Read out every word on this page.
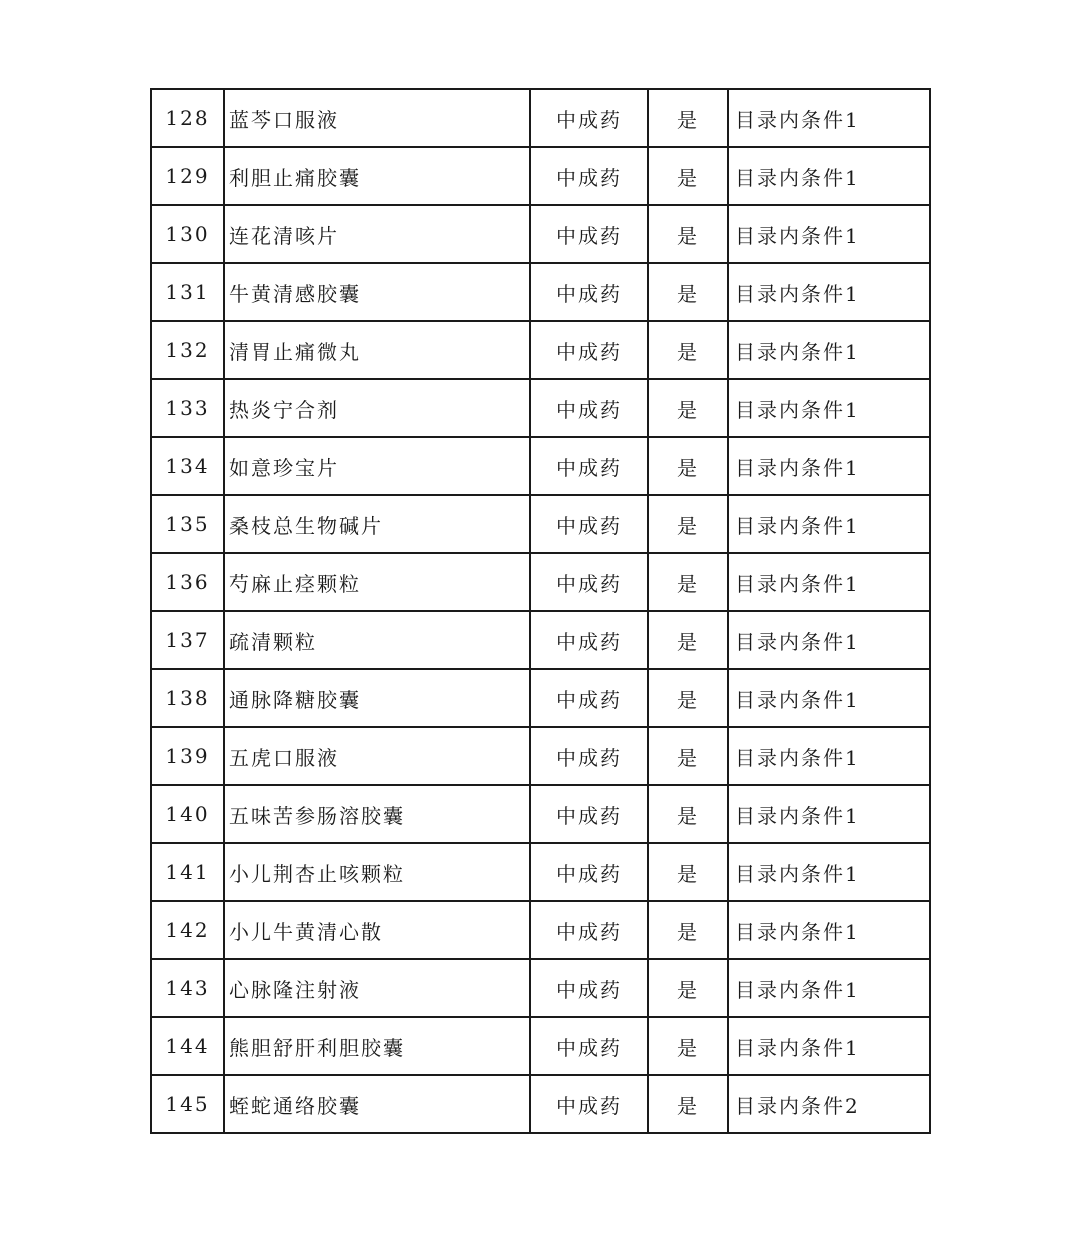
128	蓝芩口服液	中成药	是	目录内条件1
129	利胆止痛胶囊	中成药	是	目录内条件1
130	连花清咳片	中成药	是	目录内条件1
131	牛黄清感胶囊	中成药	是	目录内条件1
132	清胃止痛微丸	中成药	是	目录内条件1
133	热炎宁合剂	中成药	是	目录内条件1
134	如意珍宝片	中成药	是	目录内条件1
135	桑枝总生物碱片	中成药	是	目录内条件1
136	芍麻止痉颗粒	中成药	是	目录内条件1
137	疏清颗粒	中成药	是	目录内条件1
138	通脉降糖胶囊	中成药	是	目录内条件1
139	五虎口服液	中成药	是	目录内条件1
140	五味苦参肠溶胶囊	中成药	是	目录内条件1
141	小儿荆杏止咳颗粒	中成药	是	目录内条件1
142	小儿牛黄清心散	中成药	是	目录内条件1
143	心脉隆注射液	中成药	是	目录内条件1
144	熊胆舒肝利胆胶囊	中成药	是	目录内条件1
145	蛭蛇通络胶囊	中成药	是	目录内条件2
